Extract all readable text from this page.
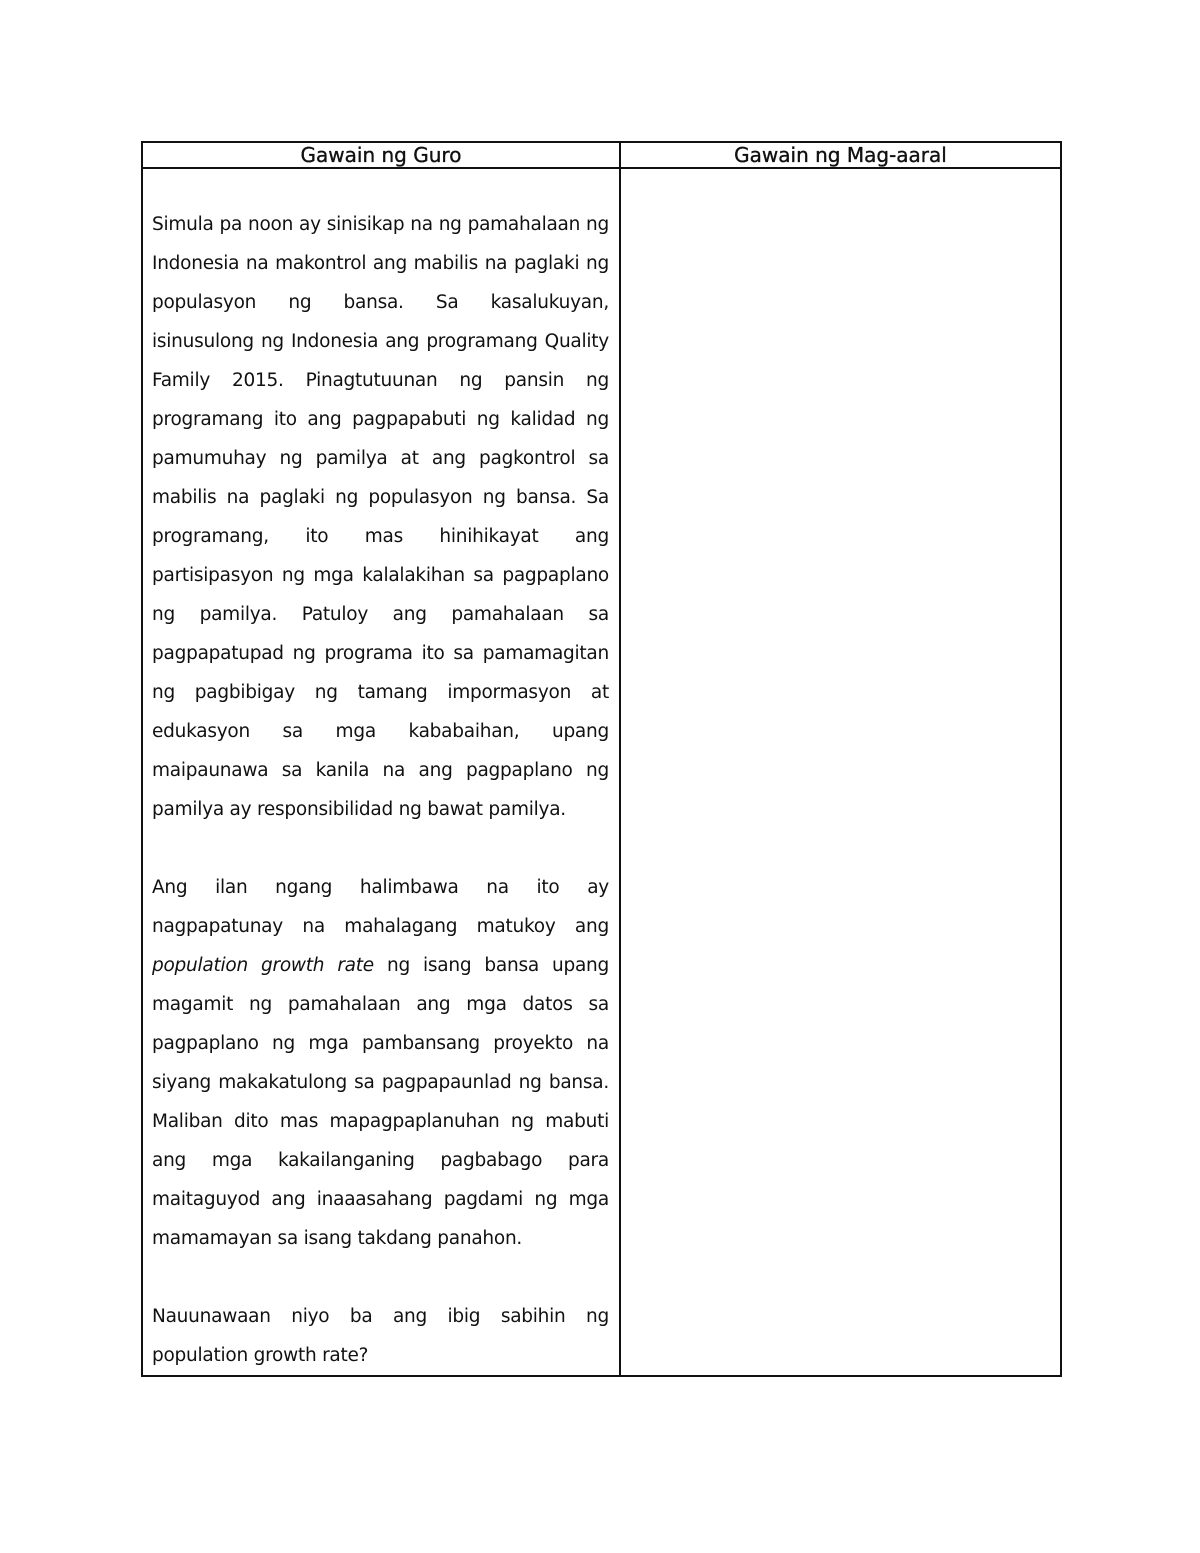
Gawain ng Guro	Gawain ng Mag-aaral

Simula pa noon ay sinisikap na ng pamahalaan ng Indonesia na makontrol ang mabilis na paglaki ng populasyon ng bansa. Sa kasalukuyan, isinusulong ng Indonesia ang programang Quality Family 2015. Pinagtutuunan ng pansin ng programang ito ang pagpapabuti ng kalidad ng pamumuhay ng pamilya at ang pagkontrol sa mabilis na paglaki ng populasyon ng bansa. Sa programang, ito mas hinihikayat ang partisipasyon ng mga kalalakihan sa pagpaplano ng pamilya. Patuloy ang pamahalaan sa pagpapatupad ng programa ito sa pamamagitan ng pagbibigay ng tamang impormasyon at edukasyon sa mga kababaihan, upang maipaunawa sa kanila na ang pagpaplano ng pamilya ay responsibilidad ng bawat pamilya.

Ang ilan ngang halimbawa na ito ay nagpapatunay na mahalagang matukoy ang population growth rate ng isang bansa upang magamit ng pamahalaan ang mga datos sa pagpaplano ng mga pambansang proyekto na siyang makakatulong sa pagpapaunlad ng bansa. Maliban dito mas mapagpaplanuhan ng mabuti ang mga kakailanganing pagbabago para maitaguyod ang inaaasahang pagdami ng mga mamamayan sa isang takdang panahon.

Nauunawaan niyo ba ang ibig sabihin ng population growth rate?	
